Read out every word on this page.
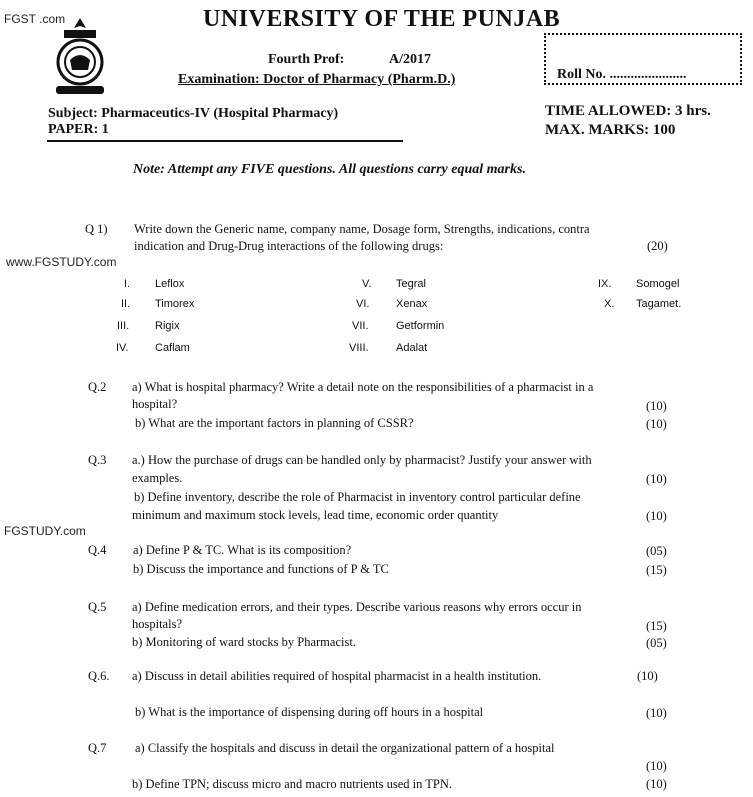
FGST .com
www.FGSTUDY.com
FGSTUDY.com
UNIVERSITY OF THE PUNJAB
Fourth Prof:	A/2017
Examination: Doctor of Pharmacy (Pharm.D.)	Roll No. ......................
Subject: Pharmaceutics-IV (Hospital Pharmacy)
PAPER: 1
TIME ALLOWED: 3 hrs.
MAX. MARKS: 100
Note: Attempt any FIVE questions. All questions carry equal marks.
Q 1) Write down the Generic name, company name, Dosage form, Strengths, indications, contra
indication and Drug-Drug interactions of the following drugs:	(20)
I. Leflox
II. Timorex
III. Rigix
IV. Caflam
V. Tegral
VI. Xenax
VII. Getformin
VIII. Adalat
IX. Somogel
X. Tagamet.
Q.2 a) What is hospital pharmacy? Write a detail note on the responsibilities of a pharmacist in a
hospital?	(10)
b) What are the important factors in planning of CSSR?	(10)
Q.3 a.) How the purchase of drugs can be handled only by pharmacist? Justify your answer with
examples.	(10)
b) Define inventory, describe the role of Pharmacist in inventory control particular define
minimum and maximum stock levels, lead time, economic order quantity	(10)
Q.4 a) Define P & TC. What is its composition?	(05)
b) Discuss the importance and functions of P & TC	(15)
Q.5 a) Define medication errors, and their types. Describe various reasons why errors occur in
hospitals?	(15)
b) Monitoring of ward stocks by Pharmacist.	(05)
Q.6. a) Discuss in detail abilities required of hospital pharmacist in a health institution.	(10)
b) What is the importance of dispensing during off hours in a hospital	(10)
Q.7 a) Classify the hospitals and discuss in detail the organizational pattern of a hospital
(10)
b) Define TPN; discuss micro and macro nutrients used in TPN.	(10)
